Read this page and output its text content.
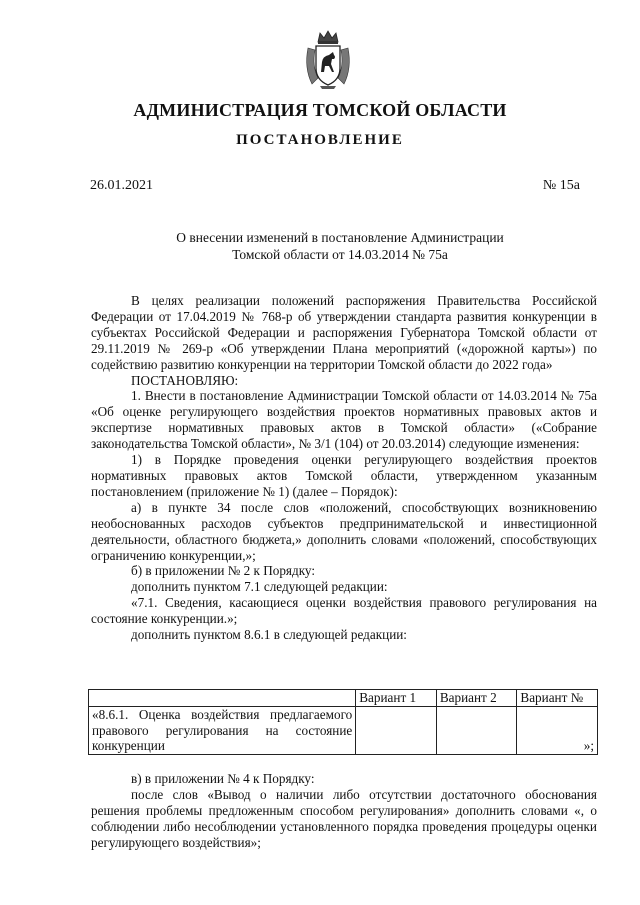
АДМИНИСТРАЦИЯ ТОМСКОЙ ОБЛАСТИ
ПОСТАНОВЛЕНИЕ
26.01.2021	№ 15а
О внесении изменений в постановление Администрации
Томской области от 14.03.2014 № 75а

В целях реализации положений распоряжения Правительства Российской Федерации от 17.04.2019 № 768-р об утверждении стандарта развития конкуренции в субъектах Российской Федерации и распоряжения Губернатора Томской области от 29.11.2019 № 269-р «Об утверждении Плана мероприятий («дорожной карты») по содействию развитию конкуренции на территории Томской области до 2022 года»

ПОСТАНОВЛЯЮ:

1. Внести в постановление Администрации Томской области от 14.03.2014 № 75а «Об оценке регулирующего воздействия проектов нормативных правовых актов и экспертизе нормативных правовых актов в Томской области» («Собрание законодательства Томской области», № 3/1 (104) от 20.03.2014) следующие изменения:

1) в Порядке проведения оценки регулирующего воздействия проектов нормативных правовых актов Томской области, утвержденном указанным постановлением (приложение № 1) (далее – Порядок):

а) в пункте 34 после слов «положений, способствующих возникновению необоснованных расходов субъектов предпринимательской и инвестиционной деятельности, областного бюджета,» дополнить словами «положений, способствующих ограничению конкуренции,»;

б) в приложении № 2 к Порядку:

дополнить пунктом 7.1 следующей редакции:

«7.1. Сведения, касающиеся оценки воздействия правового регулирования на состояние конкуренции.»;

дополнить пунктом 8.6.1 в следующей редакции:

	Вариант 1	Вариант 2	Вариант №
«8.6.1. Оценка воздействия предлагаемого правового регулирования на состояние конкуренции			»;

в) в приложении № 4 к Порядку:

после слов «Вывод о наличии либо отсутствии достаточного обоснования решения проблемы предложенным способом регулирования» дополнить словами «, о соблюдении либо несоблюдении установленного порядка проведения процедуры оценки регулирующего воздействия»;
